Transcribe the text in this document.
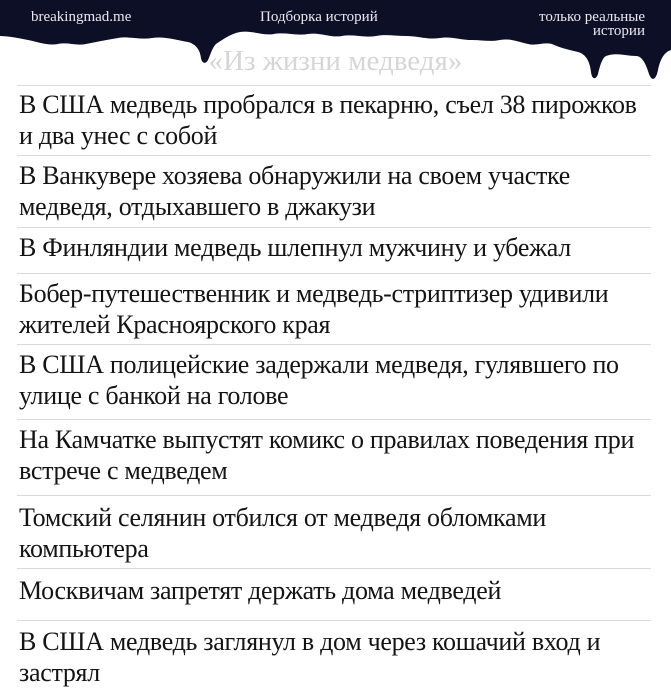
breakingmad.me	Подборка историй	только реальные истории
«Из жизни медведя»
В США медведь пробрался в пекарню, съел 38 пирожков и два унес с собой
В Ванкувере хозяева обнаружили на своем участке медведя, отдыхавшего в джакузи
В Финляндии медведь шлепнул мужчину и убежал
Бобер-путешественник и медведь-стриптизер удивили жителей Красноярского края
В США полицейские задержали медведя, гулявшего по улице с банкой на голове
На Камчатке выпустят комикс о правилах поведения при встрече с медведем
Томский селянин отбился от медведя обломками компьютера
Москвичам запретят держать дома медведей
В США медведь заглянул в дом через кошачий вход и застрял
